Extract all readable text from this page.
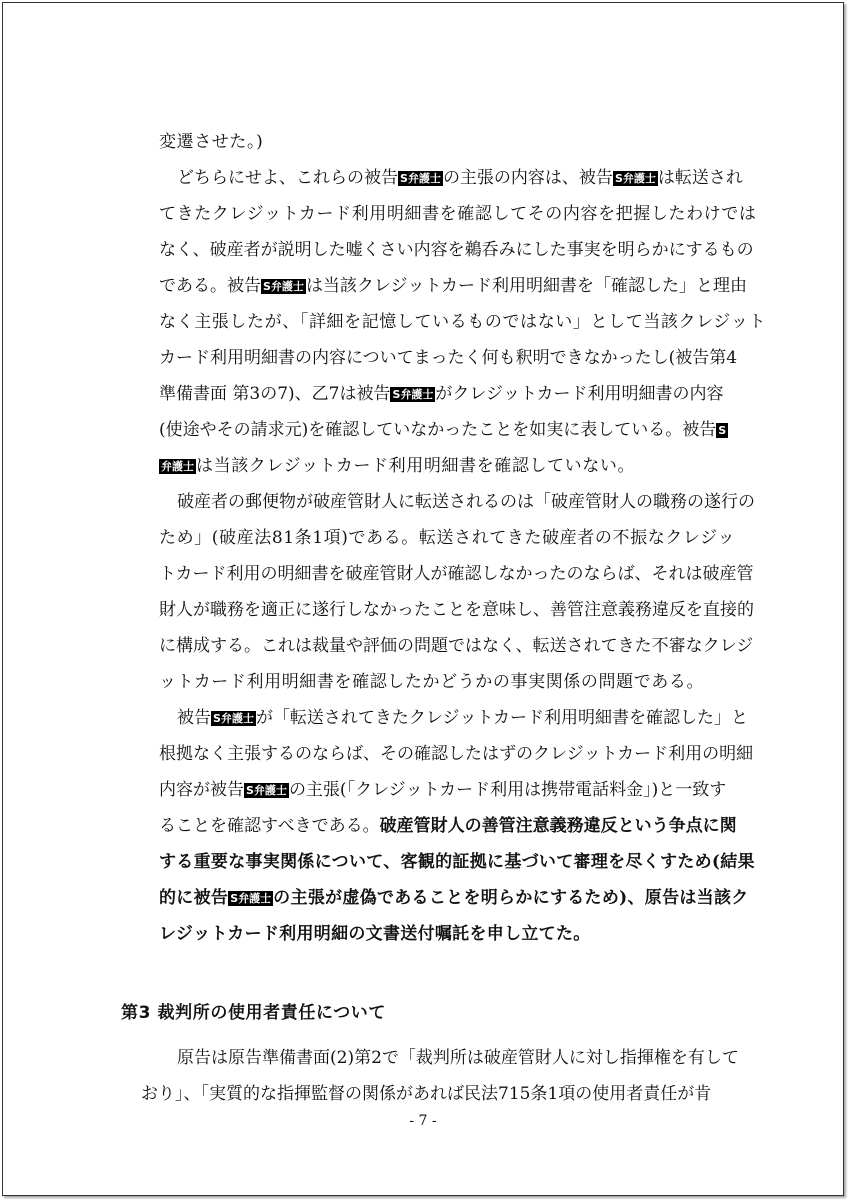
変遷させた。)
どちらにせよ、これらの被告 S弁護士 の主張の内容は、被告 S弁護士 は転送され
てきたクレジットカード利用明細書を確認してその内容を把握したわけでは
なく、破産者が説明した嘘くさい内容を鵜呑みにした事実を明らかにするもの
である。被告 S弁護士 は当該クレジットカード利用明細書を「確認した」と理由
なく主張したが、「詳細を記憶しているものではない」として当該クレジット
カード利用明細書の内容についてまったく何も釈明できなかったし(被告第4
準備書面 第3の7)、乙7は被告 S弁護士 がクレジットカード利用明細書の内容
(使途やその請求元)を確認していなかったことを如実に表している。被告 S
弁護士 は当該クレジットカード利用明細書を確認していない。
破産者の郵便物が破産管財人に転送されるのは「破産管財人の職務の遂行の
ため」(破産法81条1項)である。転送されてきた破産者の不振なクレジッ
トカード利用の明細書を破産管財人が確認しなかったのならば、それは破産管
財人が職務を適正に遂行しなかったことを意味し、善管注意義務違反を直接的
に構成する。これは裁量や評価の問題ではなく、転送されてきた不審なクレジ
ットカード利用明細書を確認したかどうかの事実関係の問題である。
被告 S弁護士 が「転送されてきたクレジットカード利用明細書を確認した」と
根拠なく主張するのならば、その確認したはずのクレジットカード利用の明細
内容が被告 S弁護士 の主張(「クレジットカード利用は携帯電話料金」)と一致す
ることを確認すべきである。破産管財人の善管注意義務違反という争点に関
する重要な事実関係について、客観的証拠に基づいて審理を尽くすため(結果
的に被告 S弁護士 の主張が虚偽であることを明らかにするため)、原告は当該ク
レジットカード利用明細の文書送付嘱託を申し立てた。
第3 裁判所の使用者責任について
原告は原告準備書面(2)第2で「裁判所は破産管財人に対し指揮権を有して
おり」、「実質的な指揮監督の関係があれば民法715条1項の使用者責任が肯
- 7 -
